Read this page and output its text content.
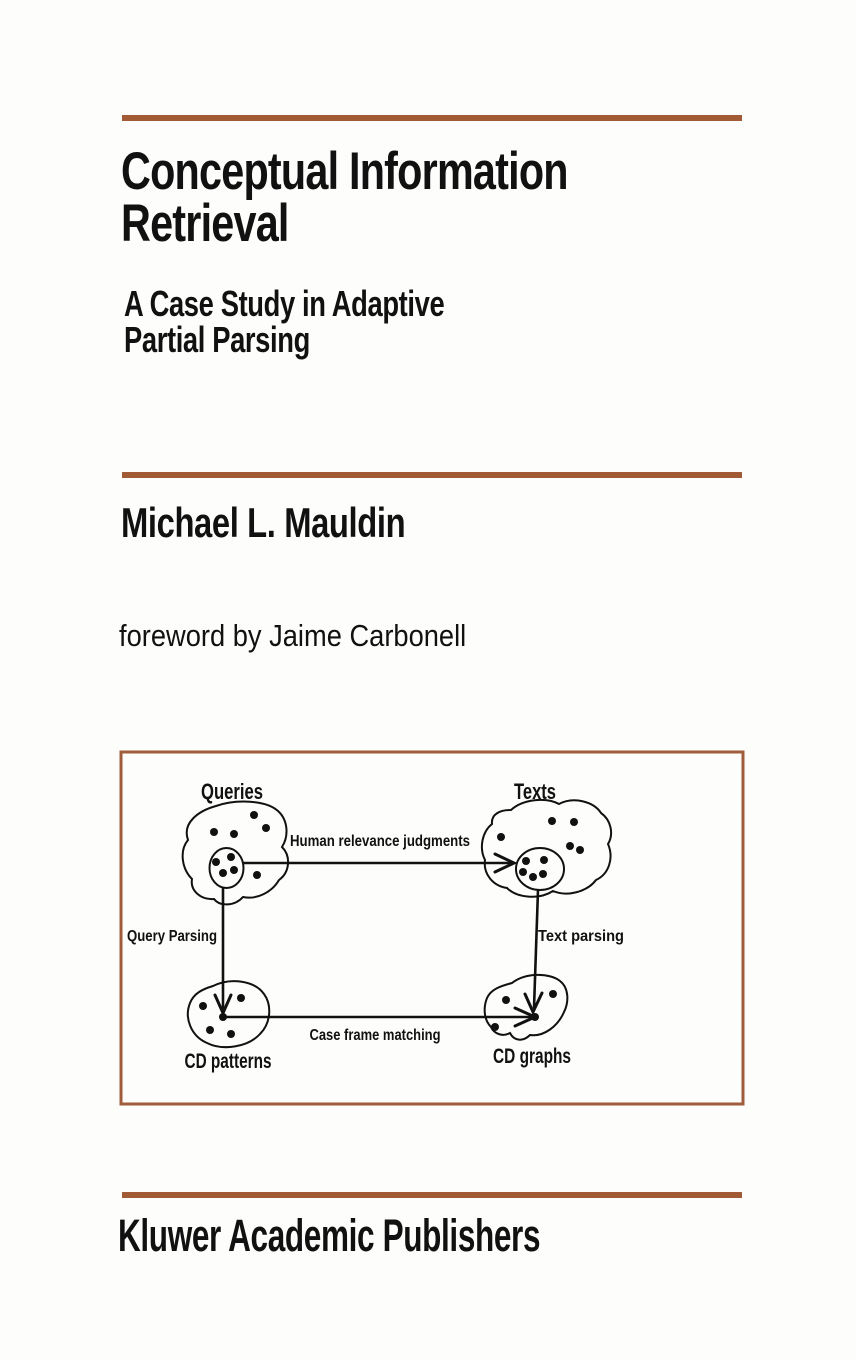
Conceptual Information
Retrieval
A Case Study in Adaptive
Partial Parsing
Michael L. Mauldin
foreword by Jaime Carbonell
Queries	Texts
Human relevance judgments
Query Parsing	Text parsing
Case frame matching
CD patterns	CD graphs
Kluwer Academic Publishers
